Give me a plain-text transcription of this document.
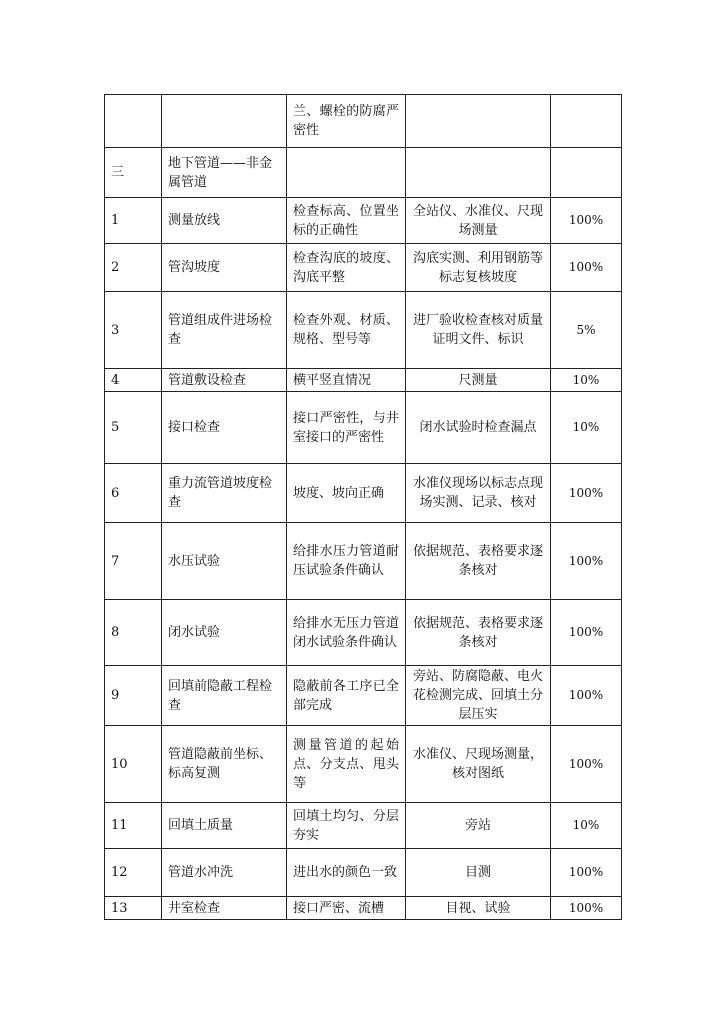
		兰、螺栓的防腐严密性		
三	地下管道——非金属管道			
1	测量放线	检查标高、位置坐标的正确性	全站仪、水准仪、尺现场测量	100%
2	管沟坡度	检查沟底的坡度、沟底平整	沟底实测、利用钢筋等标志复核坡度	100%
3	管道组成件进场检查	检查外观、材质、规格、型号等	进厂验收检查核对质量证明文件、标识	5%
4	管道敷设检查	横平竖直情况	尺测量	10%
5	接口检查	接口严密性，与井室接口的严密性	闭水试验时检查漏点	10%
6	重力流管道坡度检查	坡度、坡向正确	水准仪现场以标志点现场实测、记录、核对	100%
7	水压试验	给排水压力管道耐压试验条件确认	依据规范、表格要求逐条核对	100%
8	闭水试验	给排水无压力管道闭水试验条件确认	依据规范、表格要求逐条核对	100%
9	回填前隐蔽工程检查	隐蔽前各工序已全部完成	旁站、防腐隐蔽、电火花检测完成、回填土分层压实	100%
10	管道隐蔽前坐标、标高复测	测量管道的起始点、分支点、甩头等	水准仪、尺现场测量，核对图纸	100%
11	回填土质量	回填土均匀、分层夯实	旁站	10%
12	管道水冲洗	进出水的颜色一致	目测	100%
13	井室检查	接口严密、流槽	目视、试验	100%
